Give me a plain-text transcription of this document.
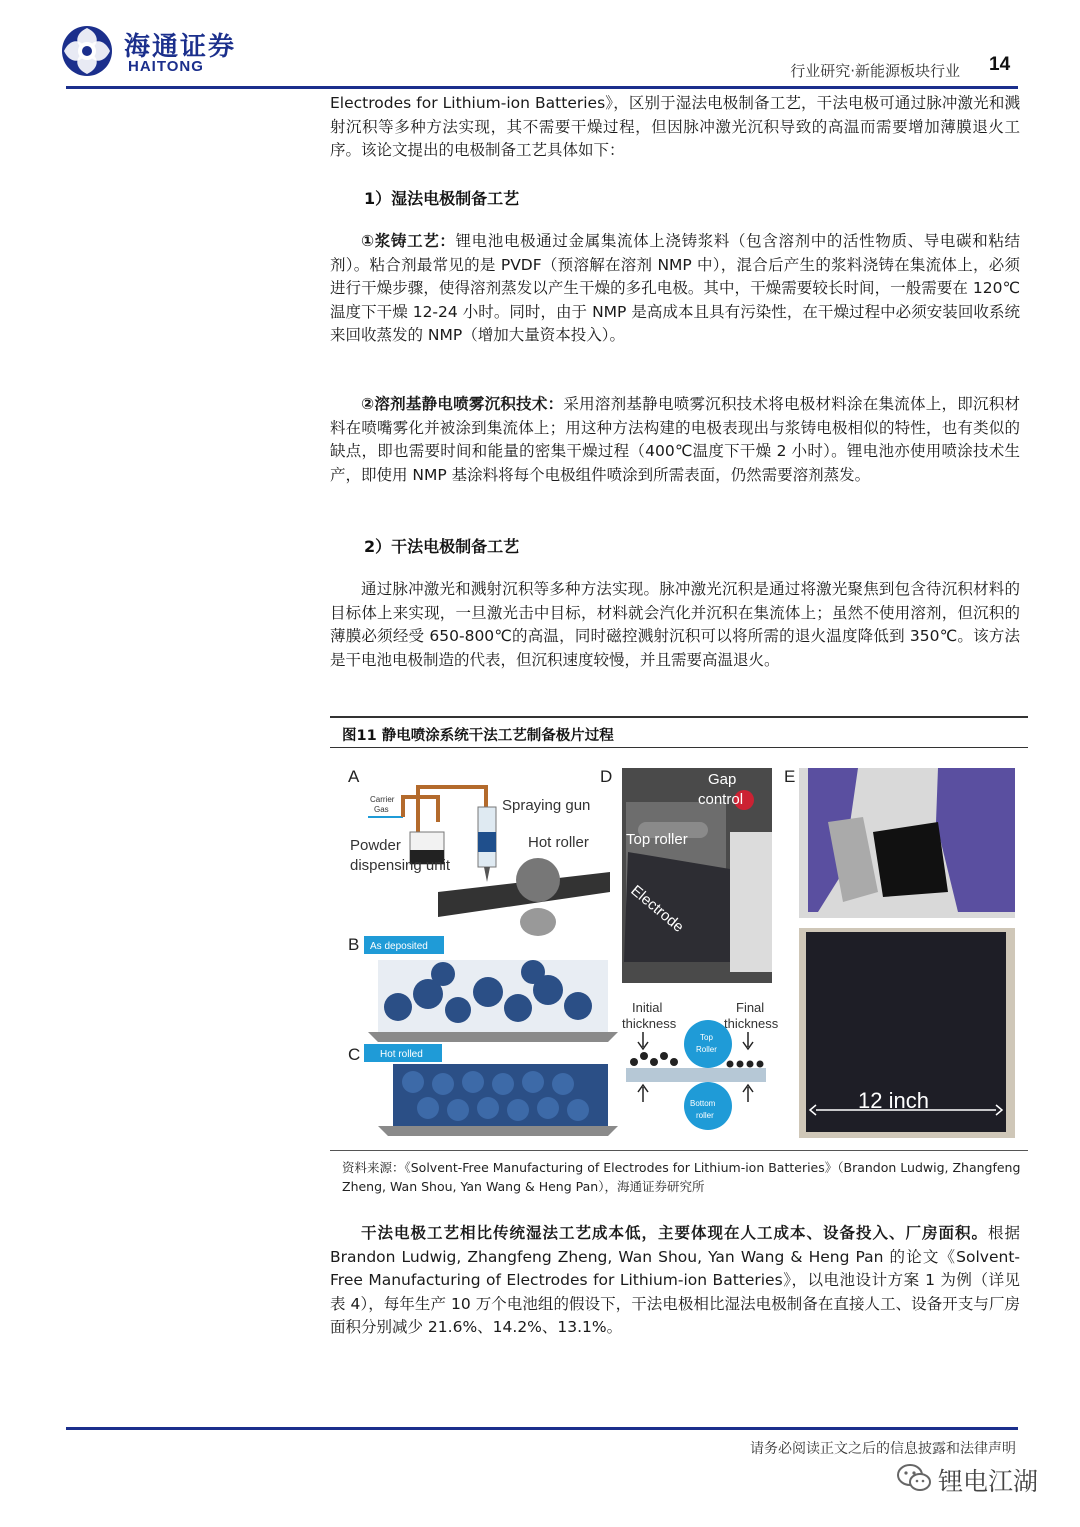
海通证券
HAITONG	行业研究·新能源板块行业 14
Electrodes for Lithium-ion Batteries》，区别于湿法电极制备工艺，干法电极可通过脉冲激光和溅射沉积等多种方法实现，其不需要干燥过程，但因脉冲激光沉积导致的高温而需要增加薄膜退火工序。该论文提出的电极制备工艺具体如下：
1）湿法电极制备工艺
①浆铸工艺：锂电池电极通过金属集流体上浇铸浆料（包含溶剂中的活性物质、导电碳和粘结剂）。粘合剂最常见的是 PVDF（预溶解在溶剂 NMP 中），混合后产生的浆料浇铸在集流体上，必须进行干燥步骤，使得溶剂蒸发以产生干燥的多孔电极。其中，干燥需要较长时间，一般需要在 120℃温度下干燥 12-24 小时。同时，由于 NMP 是高成本且具有污染性，在干燥过程中必须安装回收系统来回收蒸发的 NMP（增加大量资本投入）。
②溶剂基静电喷雾沉积技术：采用溶剂基静电喷雾沉积技术将电极材料涂在集流体上，即沉积材料在喷嘴雾化并被涂到集流体上；用这种方法构建的电极表现出与浆铸电极相似的特性，也有类似的缺点，即也需要时间和能量的密集干燥过程（400℃温度下干燥 2 小时）。锂电池亦使用喷涂技术生产，即使用 NMP 基涂料将每个电极组件喷涂到所需表面，仍然需要溶剂蒸发。
2）干法电极制备工艺
通过脉冲激光和溅射沉积等多种方法实现。脉冲激光沉积是通过将激光聚焦到包含待沉积材料的目标体上来实现，一旦激光击中目标，材料就会汽化并沉积在集流体上；虽然不使用溶剂，但沉积的薄膜必须经受 650-800℃的高温，同时磁控溅射沉积可以将所需的退火温度降低到 350℃。该方法是干电池电极制造的代表，但沉积速度较慢，并且需要高温退火。
图11 静电喷涂系统干法工艺制备极片过程
A
Carrier
Gas	Spraying gun
Powder
dispensing unit
Hot roller
B As deposited
C Hot rolled
D	Gap
control
Top roller
Electrode
Initial
thickness
Final
thickness
Top
Roller
Bottom
roller
E
12 inch
资料来源：《Solvent-Free Manufacturing of Electrodes for Lithium-ion Batteries》（Brandon Ludwig, Zhangfeng Zheng, Wan Shou, Yan Wang & Heng Pan），海通证券研究所
干法电极工艺相比传统湿法工艺成本低，主要体现在人工成本、设备投入、厂房面积。根据 Brandon Ludwig, Zhangfeng Zheng, Wan Shou, Yan Wang & Heng Pan 的论文《Solvent-Free Manufacturing of Electrodes for Lithium-ion Batteries》，以电池设计方案 1 为例（详见表 4），每年生产 10 万个电池组的假设下，干法电极相比湿法电极制备在直接人工、设备开支与厂房面积分别减少 21.6%、14.2%、13.1%。
请务必阅读正文之后的信息披露和法律声明
锂电江湖
